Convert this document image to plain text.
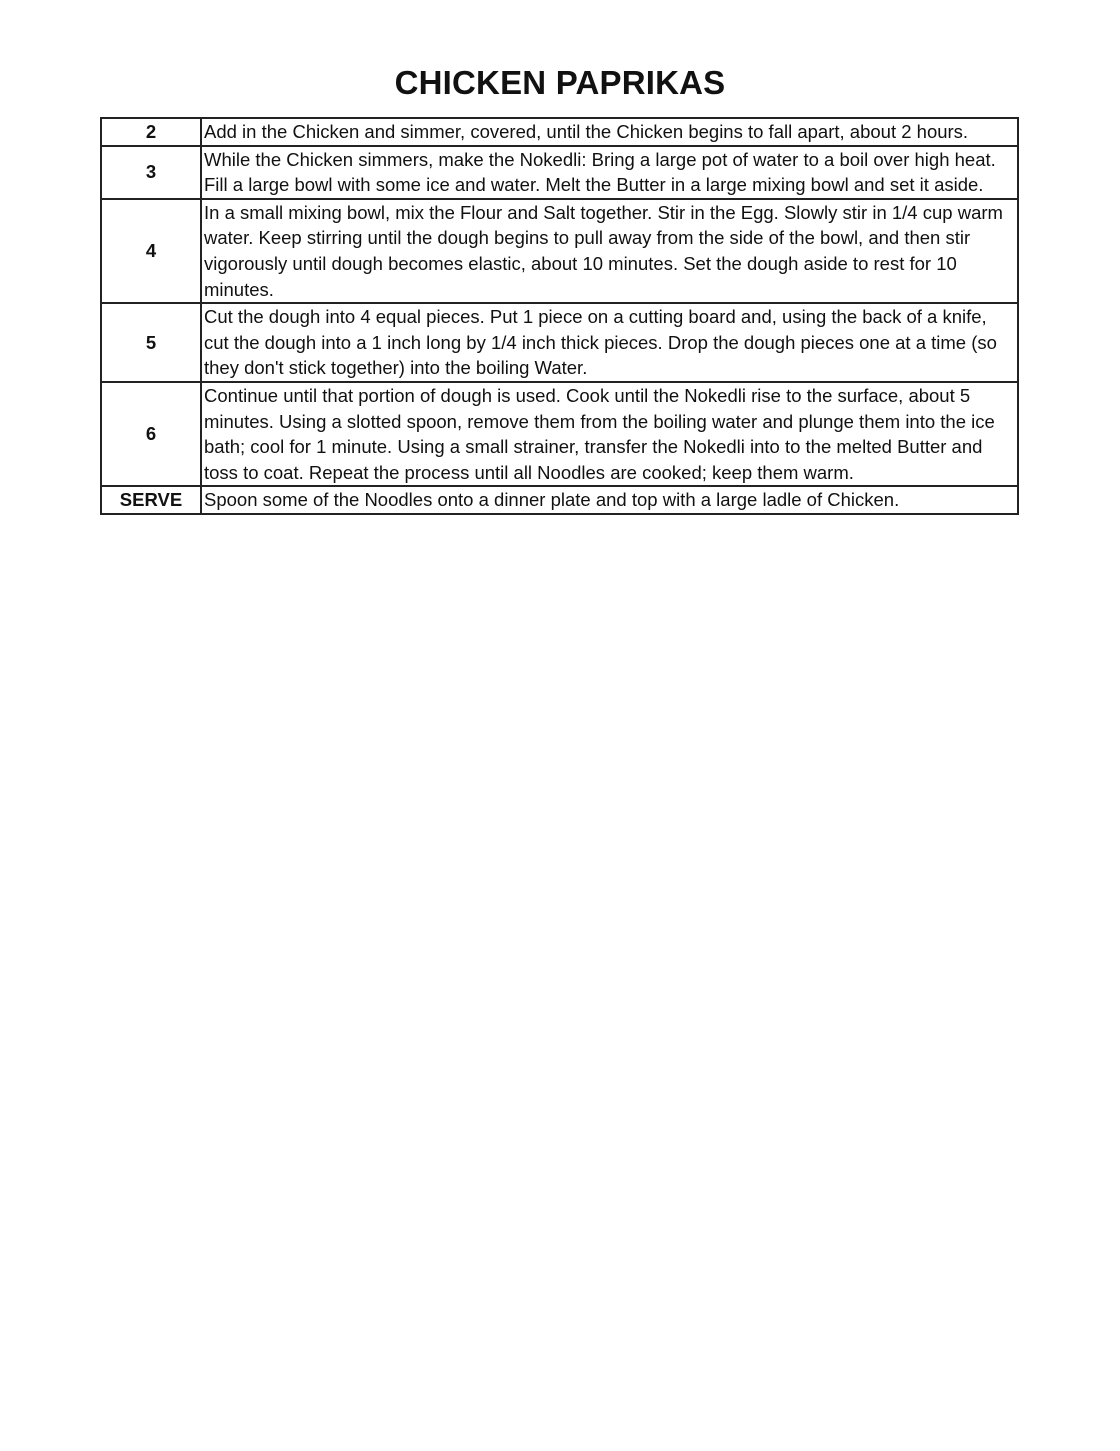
CHICKEN PAPRIKAS
2	Add in the Chicken and simmer, covered, until the Chicken begins to fall apart, about 2 hours.
3	While the Chicken simmers, make the Nokedli: Bring a large pot of water to a boil over high heat. Fill a large bowl with some ice and water. Melt the Butter in a large mixing bowl and set it aside.
4	In a small mixing bowl, mix the Flour and Salt together. Stir in the Egg. Slowly stir in 1/4 cup warm water. Keep stirring until the dough begins to pull away from the side of the bowl, and then stir vigorously until dough becomes elastic, about 10 minutes. Set the dough aside to rest for 10 minutes.
5	Cut the dough into 4 equal pieces. Put 1 piece on a cutting board and, using the back of a knife, cut the dough into a 1 inch long by 1/4 inch thick pieces. Drop the dough pieces one at a time (so they don't stick together) into the boiling Water.
6	Continue until that portion of dough is used. Cook until the Nokedli rise to the surface, about 5 minutes. Using a slotted spoon, remove them from the boiling water and plunge them into the ice bath; cool for 1 minute. Using a small strainer, transfer the Nokedli into to the melted Butter and toss to coat. Repeat the process until all Noodles are cooked; keep them warm.
SERVE	Spoon some of the Noodles onto a dinner plate and top with a large ladle of Chicken.
